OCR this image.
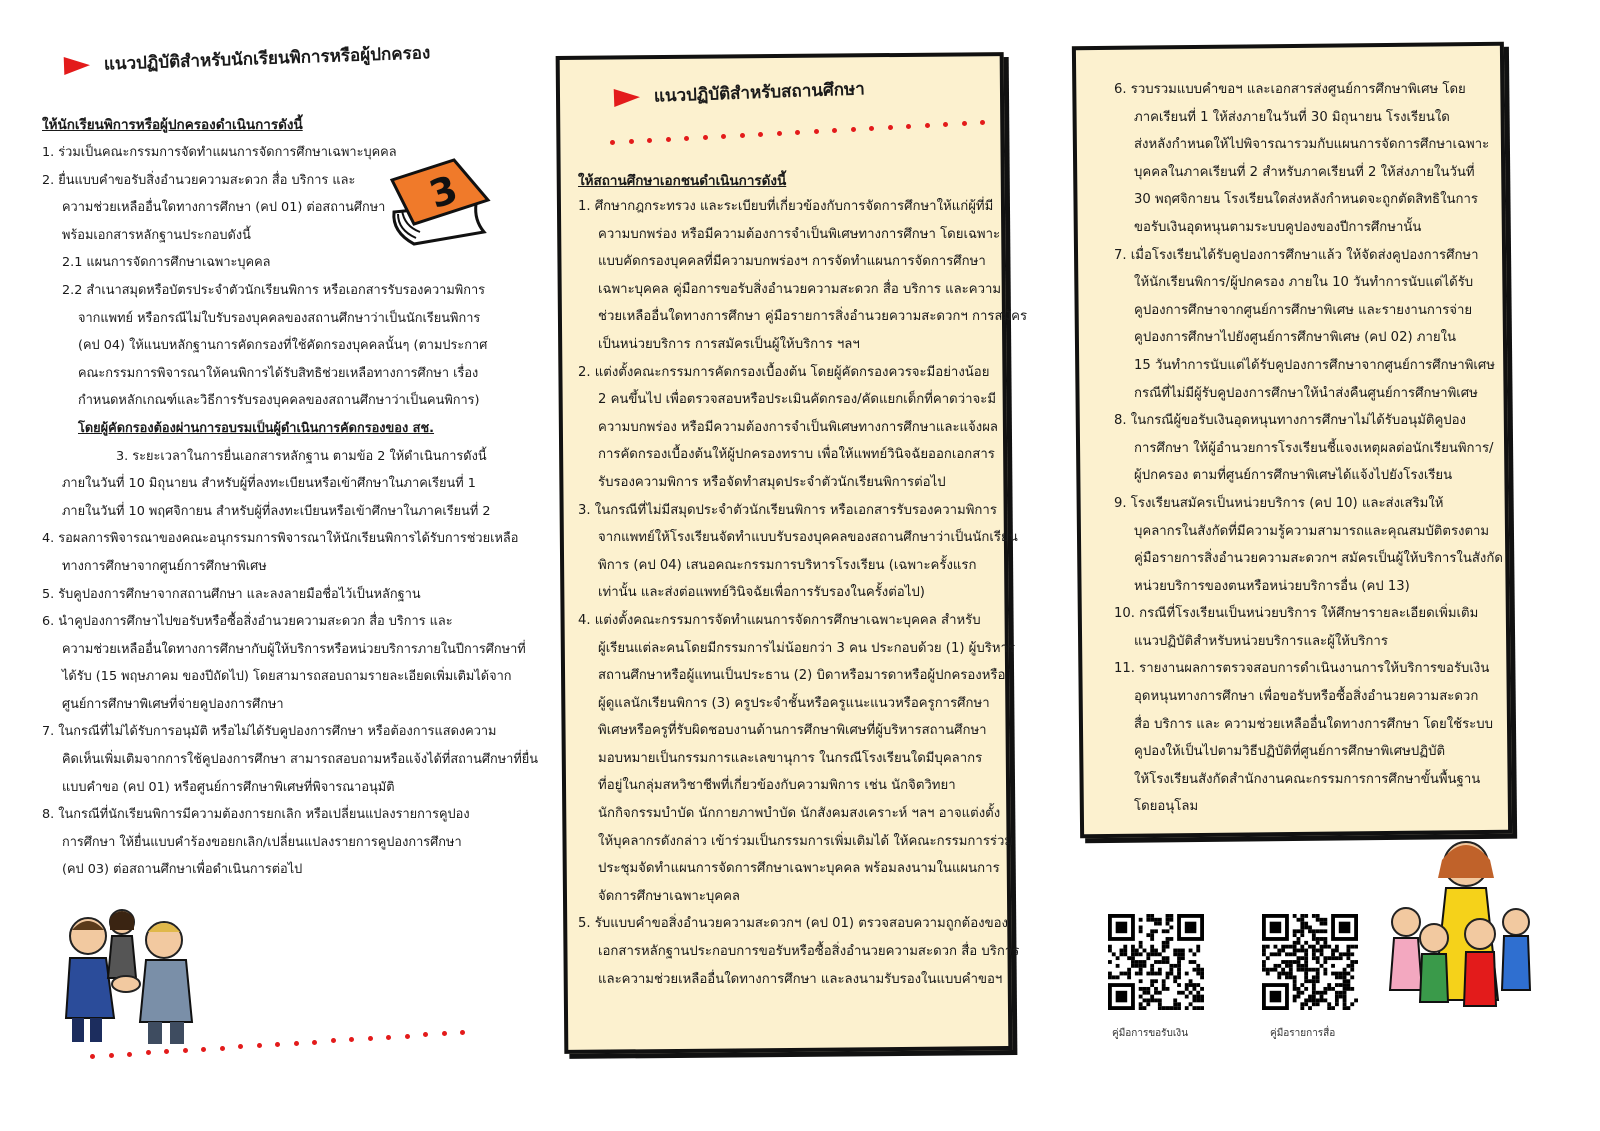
แนวปฏิบัติสำหรับนักเรียนพิการหรือผู้ปกครอง
ให้นักเรียนพิการหรือผู้ปกครองดำเนินการดังนี้
1. ร่วมเป็นคณะกรรมการจัดทำแผนการจัดการศึกษาเฉพาะบุคคล
2. ยื่นแบบคำขอรับสิ่งอำนวยความสะดวก สื่อ บริการ และ
ความช่วยเหลืออื่นใดทางการศึกษา (คป 01) ต่อสถานศึกษา
พร้อมเอกสารหลักฐานประกอบดังนี้
2.1 แผนการจัดการศึกษาเฉพาะบุคคล
2.2 สำเนาสมุดหรือบัตรประจำตัวนักเรียนพิการ หรือเอกสารรับรองความพิการ
จากแพทย์ หรือกรณีไม่ใบรับรองบุคคลของสถานศึกษาว่าเป็นนักเรียนพิการ
(คป 04) ให้แนบหลักฐานการคัดกรองที่ใช้คัดกรองบุคคลนั้นๆ (ตามประกาศ
คณะกรรมการพิจารณาให้คนพิการได้รับสิทธิช่วยเหลือทางการศึกษา เรื่อง
กำหนดหลักเกณฑ์และวิธีการรับรองบุคคลของสถานศึกษาว่าเป็นคนพิการ)
โดยผู้คัดกรองต้องผ่านการอบรมเป็นผู้ดำเนินการคัดกรองของ สช.
3. ระยะเวลาในการยื่นเอกสารหลักฐาน ตามข้อ 2 ให้ดำเนินการดังนี้
ภายในวันที่ 10 มิถุนายน สำหรับผู้ที่ลงทะเบียนหรือเข้าศึกษาในภาคเรียนที่ 1
ภายในวันที่ 10 พฤศจิกายน สำหรับผู้ที่ลงทะเบียนหรือเข้าศึกษาในภาคเรียนที่ 2
4. รอผลการพิจารณาของคณะอนุกรรมการพิจารณาให้นักเรียนพิการได้รับการช่วยเหลือ
ทางการศึกษาจากศูนย์การศึกษาพิเศษ
5. รับคูปองการศึกษาจากสถานศึกษา และลงลายมือชื่อไว้เป็นหลักฐาน
6. นำคูปองการศึกษาไปขอรับหรือซื้อสิ่งอำนวยความสะดวก สื่อ บริการ และ
ความช่วยเหลืออื่นใดทางการศึกษากับผู้ให้บริการหรือหน่วยบริการภายในปีการศึกษาที่
ได้รับ (15 พฤษภาคม ของปีถัดไป) โดยสามารถสอบถามรายละเอียดเพิ่มเติมได้จาก
ศูนย์การศึกษาพิเศษที่จ่ายคูปองการศึกษา
7. ในกรณีที่ไม่ได้รับการอนุมัติ หรือไม่ได้รับคูปองการศึกษา หรือต้องการแสดงความ
คิดเห็นเพิ่มเติมจากการใช้คูปองการศึกษา สามารถสอบถามหรือแจ้งได้ที่สถานศึกษาที่ยื่น
แบบคำขอ (คป 01) หรือศูนย์การศึกษาพิเศษที่พิจารณาอนุมัติ
8. ในกรณีที่นักเรียนพิการมีความต้องการยกเลิก หรือเปลี่ยนแปลงรายการคูปอง
การศึกษา ให้ยื่นแบบคำร้องขอยกเลิก/เปลี่ยนแปลงรายการคูปองการศึกษา
(คป 03) ต่อสถานศึกษาเพื่อดำเนินการต่อไป
3
แนวปฏิบัติสำหรับสถานศึกษา
ให้สถานศึกษาเอกชนดำเนินการดังนี้
1. ศึกษากฎกระทรวง และระเบียบที่เกี่ยวข้องกับการจัดการศึกษาให้แก่ผู้ที่มี
ความบกพร่อง หรือมีความต้องการจำเป็นพิเศษทางการศึกษา โดยเฉพาะ
แบบคัดกรองบุคคลที่มีความบกพร่องฯ การจัดทำแผนการจัดการศึกษา
เฉพาะบุคคล คู่มือการขอรับสิ่งอำนวยความสะดวก สื่อ บริการ และความ
ช่วยเหลืออื่นใดทางการศึกษา คู่มือรายการสิ่งอำนวยความสะดวกฯ การสมัคร
เป็นหน่วยบริการ การสมัครเป็นผู้ให้บริการ ฯลฯ
2. แต่งตั้งคณะกรรมการคัดกรองเบื้องต้น โดยผู้คัดกรองควรจะมีอย่างน้อย
2 คนขึ้นไป เพื่อตรวจสอบหรือประเมินคัดกรอง/คัดแยกเด็กที่คาดว่าจะมี
ความบกพร่อง หรือมีความต้องการจำเป็นพิเศษทางการศึกษาและแจ้งผล
การคัดกรองเบื้องต้นให้ผู้ปกครองทราบ เพื่อให้แพทย์วินิจฉัยออกเอกสาร
รับรองความพิการ หรือจัดทำสมุดประจำตัวนักเรียนพิการต่อไป
3. ในกรณีที่ไม่มีสมุดประจำตัวนักเรียนพิการ หรือเอกสารรับรองความพิการ
จากแพทย์ให้โรงเรียนจัดทำแบบรับรองบุคคลของสถานศึกษาว่าเป็นนักเรียน
พิการ (คป 04) เสนอคณะกรรมการบริหารโรงเรียน (เฉพาะครั้งแรก
เท่านั้น และส่งต่อแพทย์วินิจฉัยเพื่อการรับรองในครั้งต่อไป)
4. แต่งตั้งคณะกรรมการจัดทำแผนการจัดการศึกษาเฉพาะบุคคล สำหรับ
ผู้เรียนแต่ละคนโดยมีกรรมการไม่น้อยกว่า 3 คน ประกอบด้วย (1) ผู้บริหาร
สถานศึกษาหรือผู้แทนเป็นประธาน (2) บิดาหรือมารดาหรือผู้ปกครองหรือ
ผู้ดูแลนักเรียนพิการ (3) ครูประจำชั้นหรือครูแนะแนวหรือครูการศึกษา
พิเศษหรือครูที่รับผิดชอบงานด้านการศึกษาพิเศษที่ผู้บริหารสถานศึกษา
มอบหมายเป็นกรรมการและเลขานุการ ในกรณีโรงเรียนใดมีบุคลากร
ที่อยู่ในกลุ่มสหวิชาชีพที่เกี่ยวข้องกับความพิการ เช่น นักจิตวิทยา
นักกิจกรรมบำบัด นักกายภาพบำบัด นักสังคมสงเคราะห์ ฯลฯ อาจแต่งตั้ง
ให้บุคลากรดังกล่าว เข้าร่วมเป็นกรรมการเพิ่มเติมได้ ให้คณะกรรมการร่วม
ประชุมจัดทำแผนการจัดการศึกษาเฉพาะบุคคล พร้อมลงนามในแผนการ
จัดการศึกษาเฉพาะบุคคล
5. รับแบบคำขอสิ่งอำนวยความสะดวกฯ (คป 01) ตรวจสอบความถูกต้องของ
เอกสารหลักฐานประกอบการขอรับหรือซื้อสิ่งอำนวยความสะดวก สื่อ บริการ
และความช่วยเหลืออื่นใดทางการศึกษา และลงนามรับรองในแบบคำขอฯ
6. รวบรวมแบบคำขอฯ และเอกสารส่งศูนย์การศึกษาพิเศษ โดย
ภาคเรียนที่ 1 ให้ส่งภายในวันที่ 30 มิถุนายน โรงเรียนใด
ส่งหลังกำหนดให้ไปพิจารณารวมกับแผนการจัดการศึกษาเฉพาะ
บุคคลในภาคเรียนที่ 2 สำหรับภาคเรียนที่ 2 ให้ส่งภายในวันที่
30 พฤศจิกายน โรงเรียนใดส่งหลังกำหนดจะถูกตัดสิทธิในการ
ขอรับเงินอุดหนุนตามระบบคูปองของปีการศึกษานั้น
7. เมื่อโรงเรียนได้รับคูปองการศึกษาแล้ว ให้จัดส่งคูปองการศึกษา
ให้นักเรียนพิการ/ผู้ปกครอง ภายใน 10 วันทำการนับแต่ได้รับ
คูปองการศึกษาจากศูนย์การศึกษาพิเศษ และรายงานการจ่าย
คูปองการศึกษาไปยังศูนย์การศึกษาพิเศษ (คป 02) ภายใน
15 วันทำการนับแต่ได้รับคูปองการศึกษาจากศูนย์การศึกษาพิเศษ
กรณีที่ไม่มีผู้รับคูปองการศึกษาให้นำส่งคืนศูนย์การศึกษาพิเศษ
8. ในกรณีผู้ขอรับเงินอุดหนุนทางการศึกษาไม่ได้รับอนุมัติคูปอง
การศึกษา ให้ผู้อำนวยการโรงเรียนชี้แจงเหตุผลต่อนักเรียนพิการ/
ผู้ปกครอง ตามที่ศูนย์การศึกษาพิเศษได้แจ้งไปยังโรงเรียน
9. โรงเรียนสมัครเป็นหน่วยบริการ (คป 10) และส่งเสริมให้
บุคลากรในสังกัดที่มีความรู้ความสามารถและคุณสมบัติตรงตาม
คู่มือรายการสิ่งอำนวยความสะดวกฯ สมัครเป็นผู้ให้บริการในสังกัด
หน่วยบริการของตนหรือหน่วยบริการอื่น (คป 13)
10. กรณีที่โรงเรียนเป็นหน่วยบริการ ให้ศึกษารายละเอียดเพิ่มเติม
แนวปฏิบัติสำหรับหน่วยบริการและผู้ให้บริการ
11. รายงานผลการตรวจสอบการดำเนินงานการให้บริการขอรับเงิน
อุดหนุนทางการศึกษา เพื่อขอรับหรือซื้อสิ่งอำนวยความสะดวก
สื่อ บริการ และ ความช่วยเหลืออื่นใดทางการศึกษา โดยใช้ระบบ
คูปองให้เป็นไปตามวิธีปฏิบัติที่ศูนย์การศึกษาพิเศษปฏิบัติ
ให้โรงเรียนสังกัดสำนักงานคณะกรรมการการศึกษาขั้นพื้นฐาน
โดยอนุโลม
คู่มือการขอรับเงิน	คู่มือรายการสื่อ
